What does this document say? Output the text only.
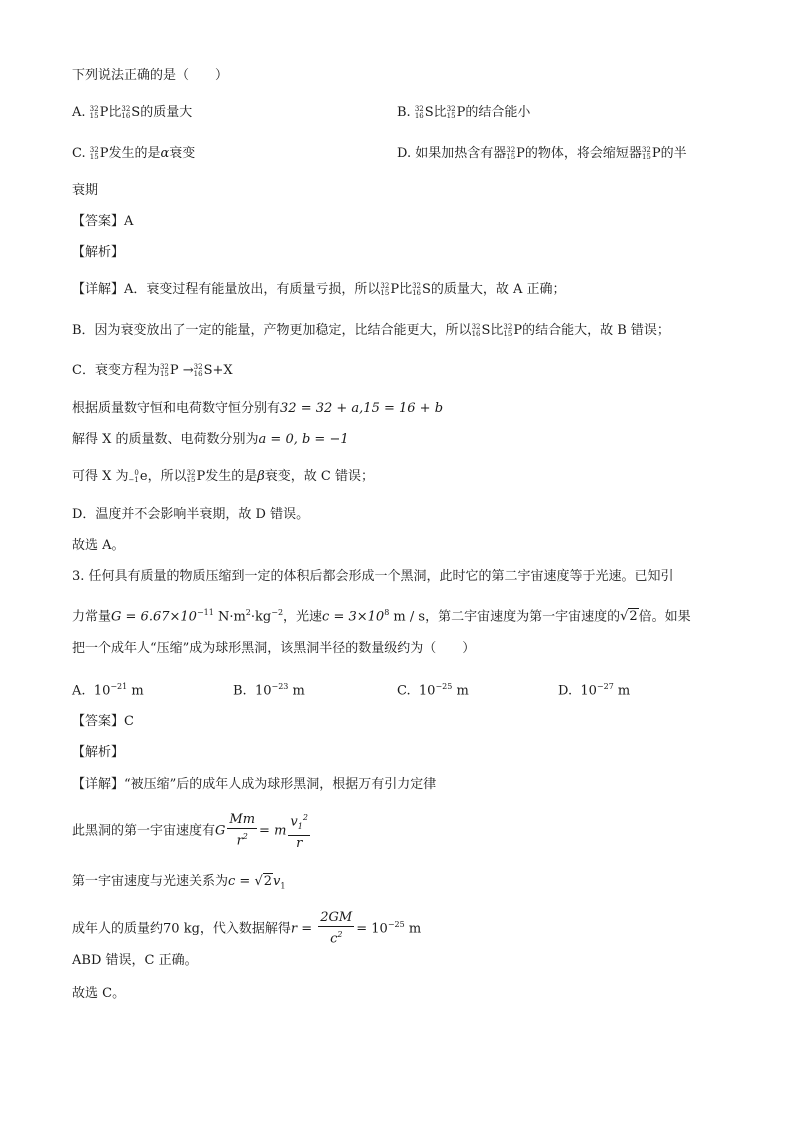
下列说法正确的是（　　）
A. 32
15 P比 32
16 S的质量大	B. 32
16 S比 32
15 P的结合能小
C. 32
15 P发生的是α衰变	D. 如果加热含有器 32
15 P的物体，将会缩短器 32
15 P的半
衰期
【答案】A
【解析】
【详解】A．衰变过程有能量放出，有质量亏损，所以 32
15 P比 32
16 S的质量大，故 A 正确；
B．因为衰变放出了一定的能量，产物更加稳定，比结合能更大，所以 32
16 S比 32
15 P的结合能大，故 B 错误；
C．衰变方程为 32
15 P → 32
16 S+X
根据质量数守恒和电荷数守恒分别有32 = 32 + a,15 = 16 + b
解得 X 的质量数、电荷数分别为a = 0, b = −1
可得 X 为 0
−1 e，所以 32
15 P发生的是β衰变，故 C 错误；
D．温度并不会影响半衰期，故 D 错误。
故选 A。
3. 任何具有质量的物质压缩到一定的体积后都会形成一个黑洞，此时它的第二宇宙速度等于光速。已知引
力常量$G = 6.67\times 10^{-11}$ $N\cdot m^2\cdot kg^{-2}$，光速$c = 3\times 10^8$ m / s，第二宇宙速度为第一宇宙速度的√2倍。如果
把一个成年人“压缩”成为球形黑洞，该黑洞半径的数量级约为（　　）
A. $10^{-21}$ m	B. $10^{-23}$ m	C. $10^{-25}$ m	D. $10^{-27}$ m
【答案】C
【解析】
【详解】“被压缩”后的成年人成为球形黑洞，根据万有引力定律
此黑洞的第一宇宙速度有G $\frac{Mm}{r^2} = m \frac{v_1^2}{r}$
第一宇宙速度与光速关系为$c = √2v_1$
成年人的质量约70 kg，代入数据解得$r = \frac{2GM}{c^2} = 10^{-25}$ m
ABD 错误，C 正确。
故选 C。
